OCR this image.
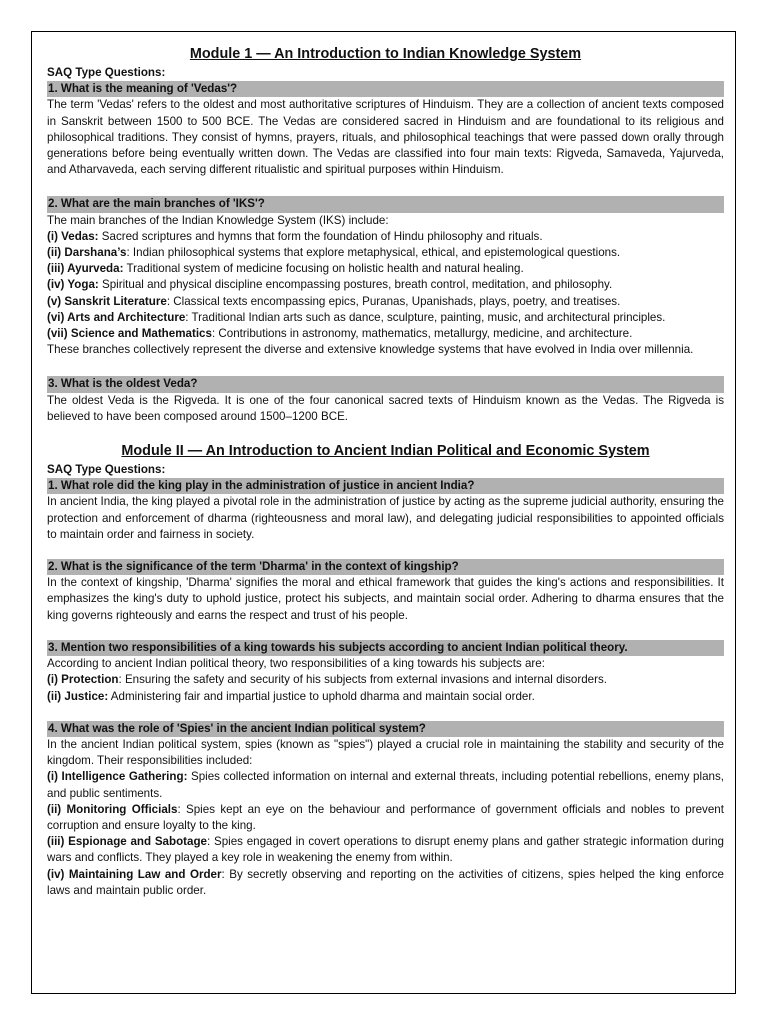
Module 1 — An Introduction to Indian Knowledge System
SAQ Type Questions:
1. What is the meaning of 'Vedas'?
The term 'Vedas' refers to the oldest and most authoritative scriptures of Hinduism. They are a collection of ancient texts composed in Sanskrit between 1500 to 500 BCE. The Vedas are considered sacred in Hinduism and are foundational to its religious and philosophical traditions. They consist of hymns, prayers, rituals, and philosophical teachings that were passed down orally through generations before being eventually written down. The Vedas are classified into four main texts: Rigveda, Samaveda, Yajurveda, and Atharvaveda, each serving different ritualistic and spiritual purposes within Hinduism.
2. What are the main branches of 'IKS'?
The main branches of the Indian Knowledge System (IKS) include:
(i) Vedas: Sacred scriptures and hymns that form the foundation of Hindu philosophy and rituals.
(ii) Darshana’s: Indian philosophical systems that explore metaphysical, ethical, and epistemological questions.
(iii) Ayurveda: Traditional system of medicine focusing on holistic health and natural healing.
(iv) Yoga: Spiritual and physical discipline encompassing postures, breath control, meditation, and philosophy.
(v) Sanskrit Literature: Classical texts encompassing epics, Puranas, Upanishads, plays, poetry, and treatises.
(vi) Arts and Architecture: Traditional Indian arts such as dance, sculpture, painting, music, and architectural principles.
(vii) Science and Mathematics: Contributions in astronomy, mathematics, metallurgy, medicine, and architecture.
These branches collectively represent the diverse and extensive knowledge systems that have evolved in India over millennia.
3. What is the oldest Veda?
The oldest Veda is the Rigveda. It is one of the four canonical sacred texts of Hinduism known as the Vedas. The Rigveda is believed to have been composed around 1500–1200 BCE.
Module II — An Introduction to Ancient Indian Political and Economic System
SAQ Type Questions:
1. What role did the king play in the administration of justice in ancient India?
In ancient India, the king played a pivotal role in the administration of justice by acting as the supreme judicial authority, ensuring the protection and enforcement of dharma (righteousness and moral law), and delegating judicial responsibilities to appointed officials to maintain order and fairness in society.
2. What is the significance of the term 'Dharma' in the context of kingship?
In the context of kingship, 'Dharma' signifies the moral and ethical framework that guides the king's actions and responsibilities. It emphasizes the king's duty to uphold justice, protect his subjects, and maintain social order. Adhering to dharma ensures that the king governs righteously and earns the respect and trust of his people.
3. Mention two responsibilities of a king towards his subjects according to ancient Indian political theory.
According to ancient Indian political theory, two responsibilities of a king towards his subjects are:
(i) Protection: Ensuring the safety and security of his subjects from external invasions and internal disorders.
(ii) Justice: Administering fair and impartial justice to uphold dharma and maintain social order.
4. What was the role of 'Spies' in the ancient Indian political system?
In the ancient Indian political system, spies (known as "spies") played a crucial role in maintaining the stability and security of the kingdom. Their responsibilities included:
(i) Intelligence Gathering: Spies collected information on internal and external threats, including potential rebellions, enemy plans, and public sentiments.
(ii) Monitoring Officials: Spies kept an eye on the behaviour and performance of government officials and nobles to prevent corruption and ensure loyalty to the king.
(iii) Espionage and Sabotage: Spies engaged in covert operations to disrupt enemy plans and gather strategic information during wars and conflicts. They played a key role in weakening the enemy from within.
(iv) Maintaining Law and Order: By secretly observing and reporting on the activities of citizens, spies helped the king enforce laws and maintain public order.
